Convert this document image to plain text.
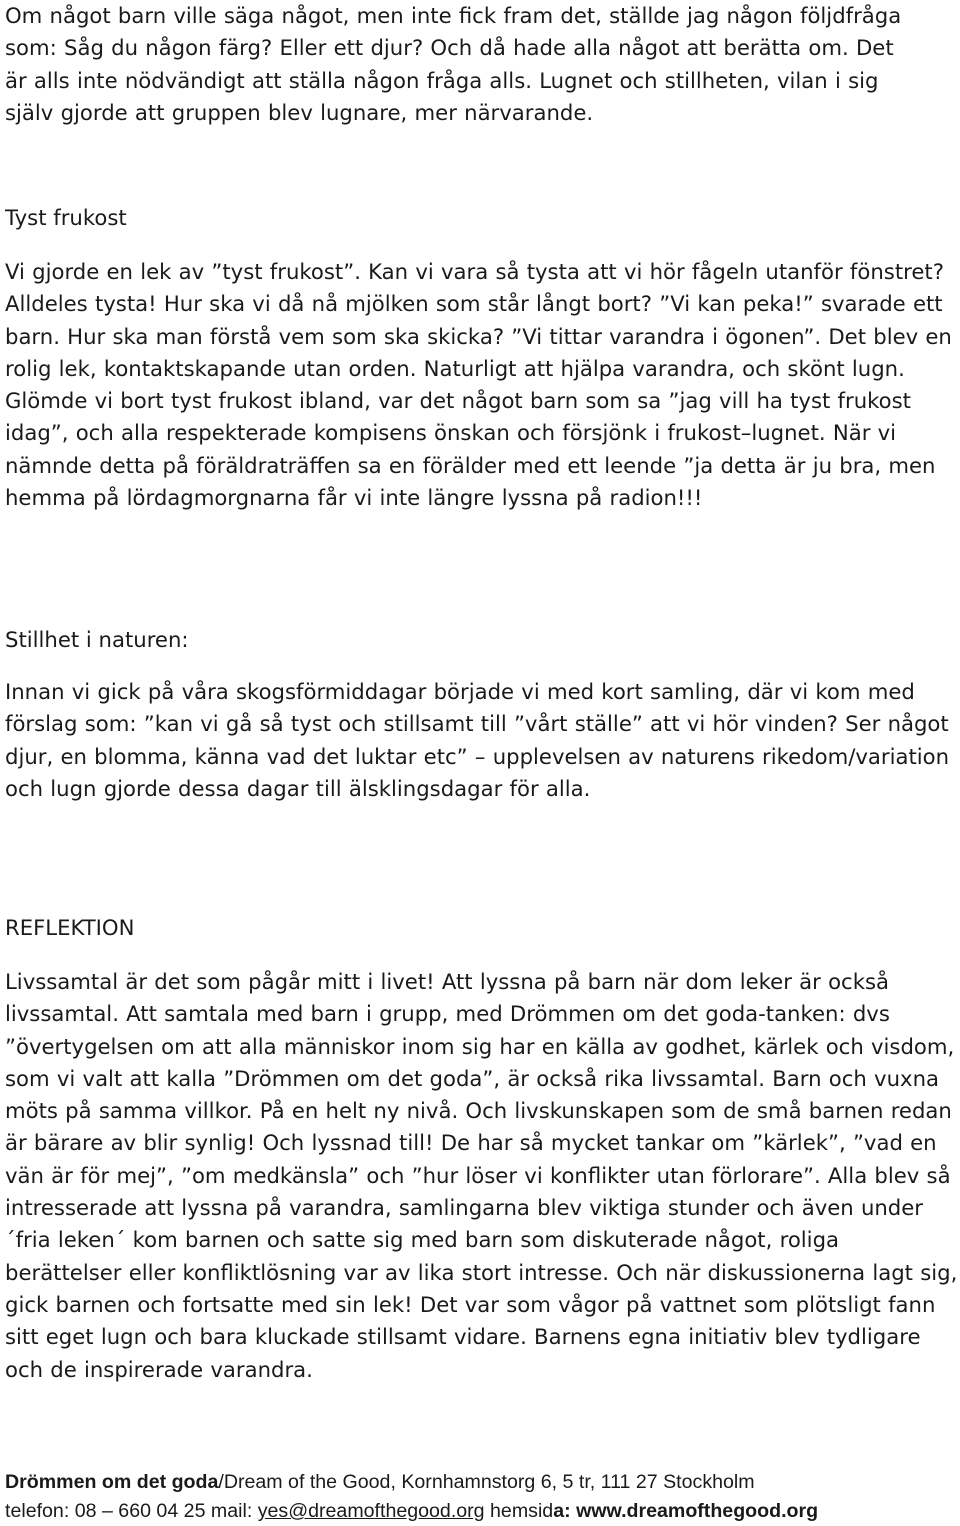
Om något barn ville säga något, men inte fick fram det, ställde jag någon följdfråga som: Såg du någon färg? Eller ett djur? Och då hade alla något att berätta om. Det är alls inte nödvändigt att ställa någon fråga alls. Lugnet och stillheten, vilan i sig själv gjorde att gruppen blev lugnare, mer närvarande.

Tyst frukost

Vi gjorde en lek av ”tyst frukost”. Kan vi vara så tysta att vi hör fågeln utanför fönstret? Alldeles tysta! Hur ska vi då nå mjölken som står långt bort? ”Vi kan peka!” svarade ett barn. Hur ska man förstå vem som ska skicka? ”Vi tittar varandra i ögonen”. Det blev en rolig lek, kontaktskapande utan orden. Naturligt att hjälpa varandra, och skönt lugn. Glömde vi bort tyst frukost ibland, var det något barn som sa ”jag vill ha tyst frukost idag”, och alla respekterade kompisens önskan och försjönk i frukost–lugnet. När vi nämnde detta på föräldraträffen sa en förälder med ett leende ”ja detta är ju bra, men hemma på lördagmorgnarna får vi inte längre lyssna på radion!!!

Stillhet i naturen:

Innan vi gick på våra skogsförmiddagar började vi med kort samling, där vi kom med förslag som: ”kan vi gå så tyst och stillsamt till ”vårt ställe” att vi hör vinden? Ser något djur, en blomma, känna vad det luktar etc” – upplevelsen av naturens rikedom/variation och lugn gjorde dessa dagar till älsklingsdagar för alla.

REFLEKTION

Livssamtal är det som pågår mitt i livet! Att lyssna på barn när dom leker är också livssamtal. Att samtala med barn i grupp, med Drömmen om det goda-tanken: dvs ”övertygelsen om att alla människor inom sig har en källa av godhet, kärlek och visdom, som vi valt att kalla ”Drömmen om det goda”, är också rika livssamtal. Barn och vuxna möts på samma villkor. På en helt ny nivå. Och livskunskapen som de små barnen redan är bärare av blir synlig! Och lyssnad till! De har så mycket tankar om ”kärlek”, ”vad en vän är för mej”, ”om medkänsla” och ”hur löser vi konflikter utan förlorare”. Alla blev så intresserade att lyssna på varandra, samlingarna blev viktiga stunder och även under ´fria leken´ kom barnen och satte sig med barn som diskuterade något, roliga berättelser eller konfliktlösning var av lika stort intresse. Och när diskussionerna lagt sig, gick barnen och fortsatte med sin lek! Det var som vågor på vattnet som plötsligt fann sitt eget lugn och bara kluckade stillsamt vidare. Barnens egna initiativ blev tydligare och de inspirerade varandra.

Drömmen om det goda/Dream of the Good, Kornhamnstorg 6, 5 tr, 111 27 Stockholm
telefon: 08 – 660 04 25 mail: yes@dreamofthegood.org hemsida: www.dreamofthegood.org
